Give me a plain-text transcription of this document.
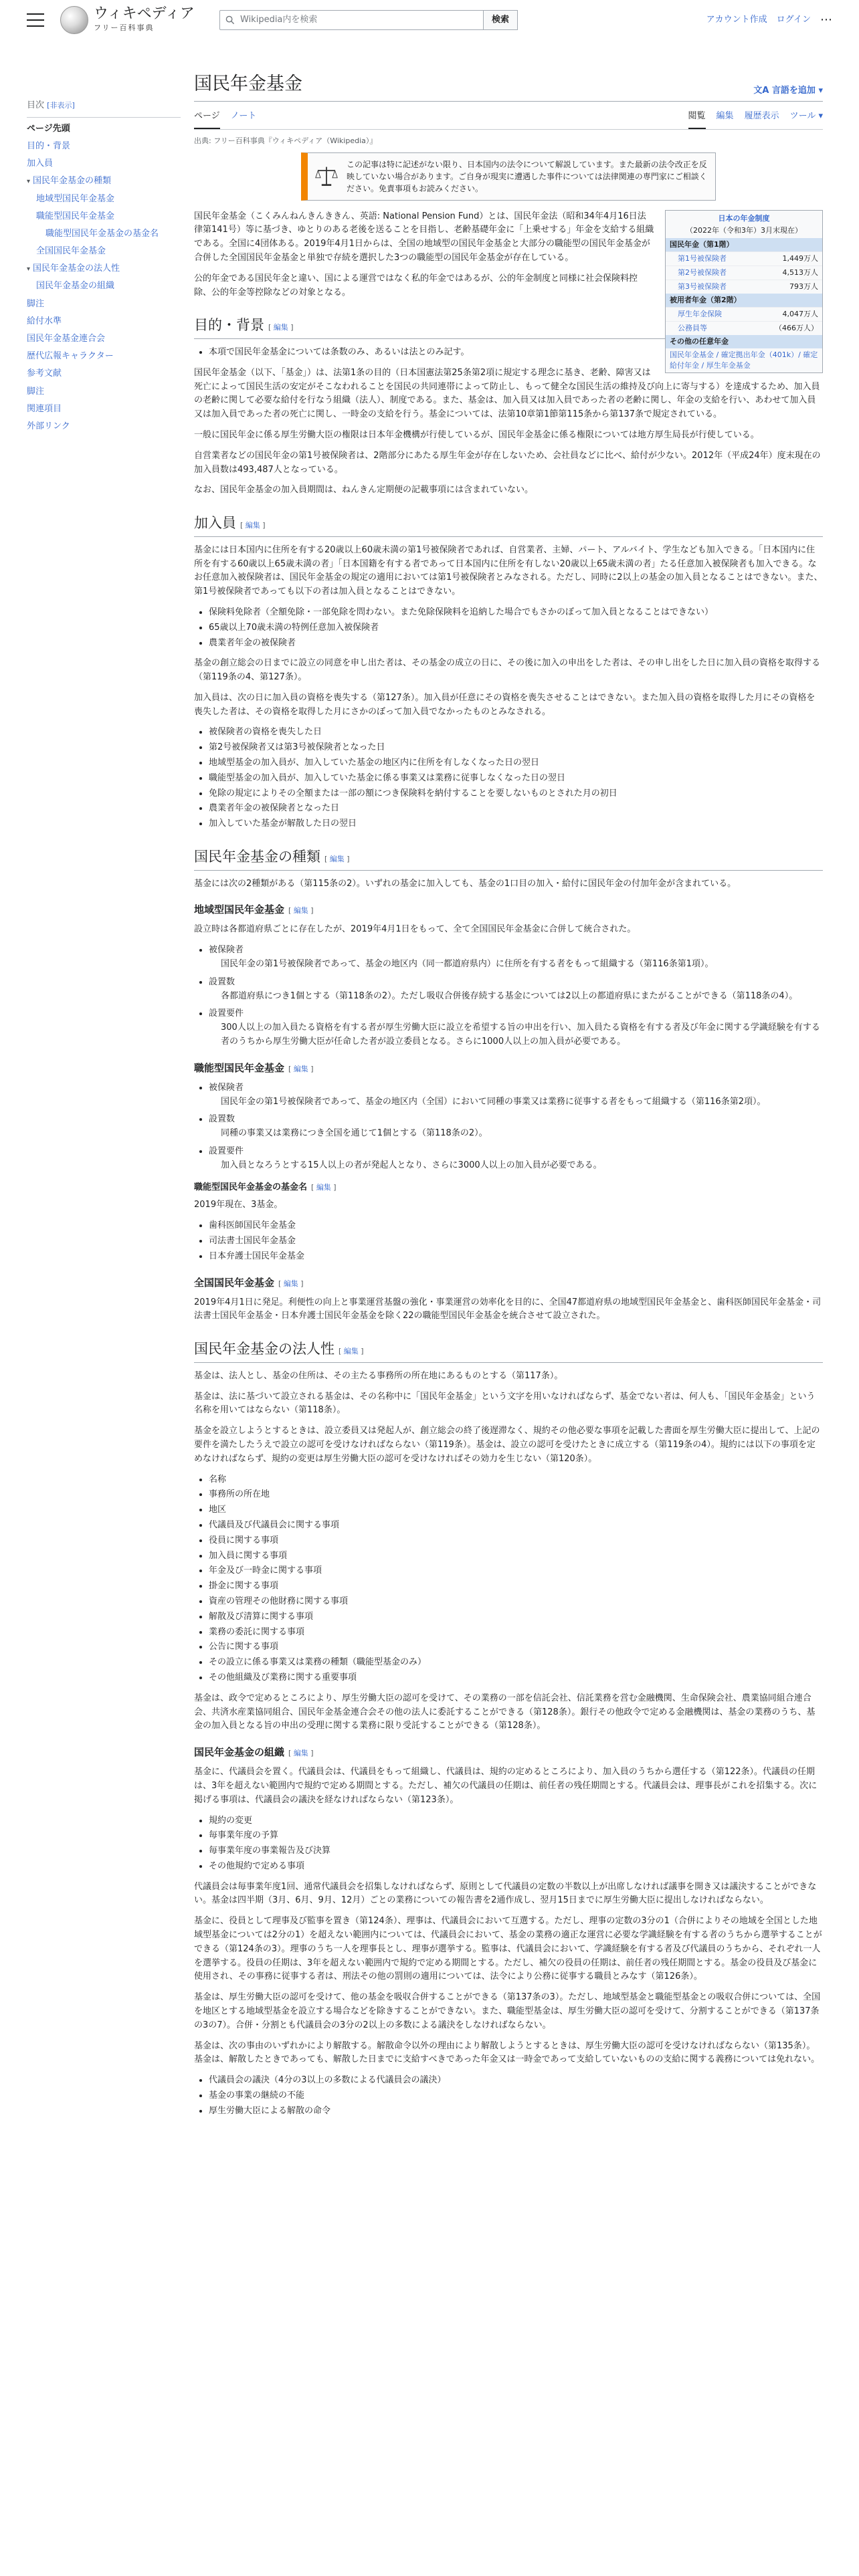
ウィキペディア
フリー百科事典
Wikipedia内を検索	検索	アカウント作成 ログイン ⋯
目次 [非表示]
ページ先頭
目的・背景
加入員
▾ 国民年金基金の種類
地域型国民年金基金
職能型国民年金基金
職能型国民年金基金の基金名
全国国民年金基金
▾ 国民年金基金の法人性
国民年金基金の組織
脚注
給付水準
国民年金基金連合会
歴代広報キャラクター
参考文献
脚注
関連項目
外部リンク
国民年金基金	文A 言語を追加 ▾
ページ ノート	閲覧 編集 履歴表示 ツール ▾
出典: フリー百科事典『ウィキペディア（Wikipedia）』
この記事は特に記述がない限り、日本国内の法令について解説しています。また最新の法令改正を反映していない場合があります。ご自身が現実に遭遇した事件については法律関連の専門家にご相談ください。免責事項もお読みください。
日本の年金制度
（2022年（令和3年）3月末現在）
国民年金（第1階）
第1号被保険者	1,449万人
第2号被保険者	4,513万人
第3号被保険者	793万人
被用者年金（第2階）
厚生年金保険	4,047万人
公務員等	（466万人）
その他の任意年金
国民年金基金 / 確定拠出年金（401k）/ 確定給付年金 / 厚生年金基金

国民年金基金（こくみんねんきんききん、英語: National Pension Fund）とは、国民年金法（昭和34年4月16日法律第141号）等に基づき、ゆとりのある老後を送ることを目指し、老齢基礎年金に「上乗せする」年金を支給する組織である。全国に4団体ある。2019年4月1日からは、全国の地域型の国民年金基金と大部分の職能型の国民年金基金が合併した全国国民年金基金と単独で存続を選択した3つの職能型の国民年金基金が存在している。

公的年金である国民年金と違い、国による運営ではなく私的年金ではあるが、公的年金制度と同様に社会保険料控除、公的年金等控除などの対象となる。

目的・背景 [ 編集 ]
• 本項で国民年金基金については条数のみ、あるいは法とのみ記す。

国民年金基金（以下、「基金」）は、法第1条の目的（日本国憲法第25条第2項に規定する理念に基き、老齢、障害又は死亡によって国民生活の安定がそこなわれることを国民の共同連帯によって防止し、もって健全な国民生活の維持及び向上に寄与する）を達成するため、加入員の老齢に関して必要な給付を行なう組織（法人）、制度である。また、基金は、加入員又は加入員であった者の老齢に関し、年金の支給を行い、あわせて加入員又は加入員であった者の死亡に関し、一時金の支給を行う。基金については、法第10章第1節第115条から第137条で規定されている。

一般に国民年金に係る厚生労働大臣の権限は日本年金機構が行使しているが、国民年金基金に係る権限については地方厚生局長が行使している。

自営業者などの国民年金の第1号被保険者は、2階部分にあたる厚生年金が存在しないため、会社員などに比べ、給付が少ない。2012年（平成24年）度末現在の加入員数は493,487人となっている。

なお、国民年金基金の加入員期間は、ねんきん定期便の記載事項には含まれていない。

加入員 [ 編集 ]

基金には日本国内に住所を有する20歳以上60歳未満の第1号被保険者であれば、自営業者、主婦、パート、アルバイト、学生なども加入できる。「日本国内に住所を有する60歳以上65歳未満の者」「日本国籍を有する者であって日本国内に住所を有しない20歳以上65歳未満の者」たる任意加入被保険者も加入できる。なお任意加入被保険者は、国民年金基金の規定の適用においては第1号被保険者とみなされる。ただし、同時に2以上の基金の加入員となることはできない。また、第1号被保険者であっても以下の者は加入員となることはできない。

• 保険料免除者（全額免除・一部免除を問わない。また免除保険料を追納した場合でもさかのぼって加入員となることはできない）
• 65歳以上70歳未満の特例任意加入被保険者
• 農業者年金の被保険者

基金の創立総会の日までに設立の同意を申し出た者は、その基金の成立の日に、その後に加入の申出をした者は、その申し出をした日に加入員の資格を取得する（第119条の4、第127条）。

加入員は、次の日に加入員の資格を喪失する（第127条）。加入員が任意にその資格を喪失させることはできない。また加入員の資格を取得した月にその資格を喪失した者は、その資格を取得した月にさかのぼって加入員でなかったものとみなされる。

• 被保険者の資格を喪失した日
• 第2号被保険者又は第3号被保険者となった日
• 地域型基金の加入員が、加入していた基金の地区内に住所を有しなくなった日の翌日
• 職能型基金の加入員が、加入していた基金に係る事業又は業務に従事しなくなった日の翌日
• 免除の規定によりその全額または一部の額につき保険料を納付することを要しないものとされた月の初日
• 農業者年金の被保険者となった日
• 加入していた基金が解散した日の翌日
国民年金基金の種類 [ 編集 ]

基金には次の2種類がある（第115条の2）。いずれの基金に加入しても、基金の1口目の加入・給付に国民年金の付加年金が含まれている。

地域型国民年金基金 [ 編集 ]

設立時は各都道府県ごとに存在したが、2019年4月1日をもって、全て全国国民年金基金に合併して統合された。

• 被保険者
国民年金の第1号被保険者であって、基金の地区内（同一都道府県内）に住所を有する者をもって組織する（第116条第1項）。
• 設置数
各都道府県につき1個とする（第118条の2）。ただし吸収合併後存続する基金については2以上の都道府県にまたがることができる（第118条の4）。
• 設置要件
300人以上の加入員たる資格を有する者が厚生労働大臣に設立を希望する旨の申出を行い、加入員たる資格を有する者及び年金に関する学識経験を有する者のうちから厚生労働大臣が任命した者が設立委員となる。さらに1000人以上の加入員が必要である。
職能型国民年金基金 [ 編集 ]
• 被保険者
国民年金の第1号被保険者であって、基金の地区内（全国）において同種の事業又は業務に従事する者をもって組織する（第116条第2項）。
• 設置数
同種の事業又は業務につき全国を通じて1個とする（第118条の2）。
• 設置要件
加入員となろうとする15人以上の者が発起人となり、さらに3000人以上の加入員が必要である。
職能型国民年金基金の基金名 [ 編集 ]

2019年現在、3基金。

• 歯科医師国民年金基金
• 司法書士国民年金基金
• 日本弁護士国民年金基金
全国国民年金基金 [ 編集 ]

2019年4月1日に発足。利便性の向上と事業運営基盤の強化・事業運営の効率化を目的に、全国47都道府県の地域型国民年金基金と、歯科医師国民年金基金・司法書士国民年金基金・日本弁護士国民年金基金を除く22の職能型国民年金基金を統合させて設立された。

国民年金基金の法人性 [ 編集 ]

基金は、法人とし、基金の住所は、その主たる事務所の所在地にあるものとする（第117条）。

基金は、法に基づいて設立される基金は、その名称中に「国民年金基金」という文字を用いなければならず、基金でない者は、何人も、「国民年金基金」という名称を用いてはならない（第118条）。

基金を設立しようとするときは、設立委員又は発起人が、創立総会の終了後遅滞なく、規約その他必要な事項を記載した書面を厚生労働大臣に提出して、上記の要件を満たしたうえで設立の認可を受けなければならない（第119条）。基金は、設立の認可を受けたときに成立する（第119条の4）。規約には以下の事項を定めなければならず、規約の変更は厚生労働大臣の認可を受けなければその効力を生じない（第120条）。

• 名称
• 事務所の所在地
• 地区
• 代議員及び代議員会に関する事項
• 役員に関する事項
• 加入員に関する事項
• 年金及び一時金に関する事項
• 掛金に関する事項
• 資産の管理その他財務に関する事項
• 解散及び清算に関する事項
• 業務の委託に関する事項
• 公告に関する事項
• その設立に係る事業又は業務の種類（職能型基金のみ）
• その他組織及び業務に関する重要事項

基金は、政令で定めるところにより、厚生労働大臣の認可を受けて、その業務の一部を信託会社、信託業務を営む金融機関、生命保険会社、農業協同組合連合会、共済水産業協同組合、国民年金基金連合会その他の法人に委託することができる（第128条）。銀行その他政令で定める金融機関は、基金の業務のうち、基金の加入員となる旨の申出の受理に関する業務に限り受託することができる（第128条）。

国民年金基金の組織 [ 編集 ]

基金に、代議員会を置く。代議員会は、代議員をもって組織し、代議員は、規約の定めるところにより、加入員のうちから選任する（第122条）。代議員の任期は、3年を超えない範囲内で規約で定める期間とする。ただし、補欠の代議員の任期は、前任者の残任期間とする。代議員会は、理事長がこれを招集する。次に掲げる事項は、代議員会の議決を経なければならない（第123条）。

• 規約の変更
• 毎事業年度の予算
• 毎事業年度の事業報告及び決算
• その他規約で定める事項

代議員会は毎事業年度1回、通常代議員会を招集しなければならず、原則として代議員の定数の半数以上が出席しなければ議事を開き又は議決することができない。基金は四半期（3月、6月、9月、12月）ごとの業務についての報告書を2通作成し、翌月15日までに厚生労働大臣に提出しなければならない。

基金に、役員として理事及び監事を置き（第124条）、理事は、代議員会において互選する。ただし、理事の定数の3分の1（合併によりその地域を全国とした地域型基金については2分の1）を超えない範囲内については、代議員会において、基金の業務の適正な運営に必要な学識経験を有する者のうちから選挙することができる（第124条の3）。理事のうち一人を理事長とし、理事が選挙する。監事は、代議員会において、学識経験を有する者及び代議員のうちから、それぞれ一人を選挙する。役員の任期は、3年を超えない範囲内で規約で定める期間とする。ただし、補欠の役員の任期は、前任者の残任期間とする。基金の役員及び基金に使用され、その事務に従事する者は、刑法その他の罰則の適用については、法令により公務に従事する職員とみなす（第126条）。

基金は、厚生労働大臣の認可を受けて、他の基金を吸収合併することができる（第137条の3）。ただし、地域型基金と職能型基金との吸収合併については、全国を地区とする地域型基金を設立する場合などを除きすることができない。また、職能型基金は、厚生労働大臣の認可を受けて、分割することができる（第137条の3の7）。合併・分割とも代議員会の3分の2以上の多数による議決をしなければならない。

基金は、次の事由のいずれかにより解散する。解散命令以外の理由により解散しようとするときは、厚生労働大臣の認可を受けなければならない（第135条）。基金は、解散したときであっても、解散した日までに支給すべきであった年金又は一時金であって支給していないものの支給に関する義務については免れない。

• 代議員会の議決（4分の3以上の多数による代議員会の議決）
• 基金の事業の継続の不能
• 厚生労働大臣による解散の命令
